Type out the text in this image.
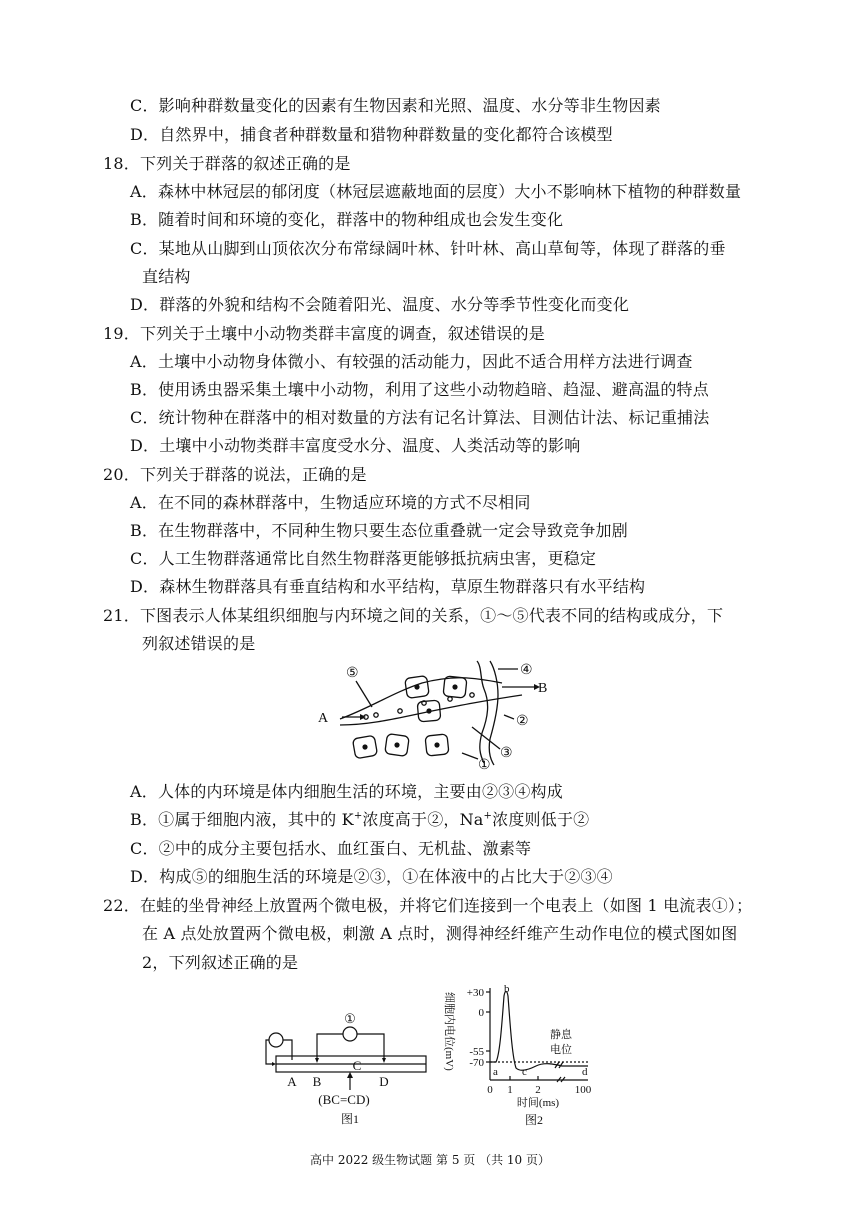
C．影响种群数量变化的因素有生物因素和光照、温度、水分等非生物因素
D．自然界中，捕食者种群数量和猎物种群数量的变化都符合该模型
18．下列关于群落的叙述正确的是
A．森林中林冠层的郁闭度（林冠层遮蔽地面的层度）大小不影响林下植物的种群数量
B．随着时间和环境的变化，群落中的物种组成也会发生变化
C．某地从山脚到山顶依次分布常绿阔叶林、针叶林、高山草甸等，体现了群落的垂
直结构
D．群落的外貌和结构不会随着阳光、温度、水分等季节性变化而变化
19．下列关于土壤中小动物类群丰富度的调查，叙述错误的是
A．土壤中小动物身体微小、有较强的活动能力，因此不适合用样方法进行调查
B．使用诱虫器采集土壤中小动物，利用了这些小动物趋暗、趋湿、避高温的特点
C．统计物种在群落中的相对数量的方法有记名计算法、目测估计法、标记重捕法
D．土壤中小动物类群丰富度受水分、温度、人类活动等的影响
20．下列关于群落的说法，正确的是
A．在不同的森林群落中，生物适应环境的方式不尽相同
B．在生物群落中，不同种生物只要生态位重叠就一定会导致竞争加剧
C．人工生物群落通常比自然生物群落更能够抵抗病虫害，更稳定
D．森林生物群落具有垂直结构和水平结构，草原生物群落只有水平结构
21．下图表示人体某组织细胞与内环境之间的关系，①～⑤代表不同的结构或成分，下
列叙述错误的是
A．人体的内环境是体内细胞生活的环境，主要由②③④构成
C．②中的成分主要包括水、血红蛋白、无机盐、激素等
D．构成⑤的细胞生活的环境是②③，①在体液中的占比大于②③④
22．在蛙的坐骨神经上放置两个微电极，并将它们连接到一个电表上（如图 1 电流表①）；
在 A 点处放置两个微电极，刺激 A 点时，测得神经纤维产生动作电位的模式图如图
2，下列叙述正确的是
B．①属于细胞内液，其中的 K+浓度高于②，Na+浓度则低于②
⑤	④
②
③
①
A
B
①
A B
C
D
(BC=CD)
图1
细胞内电位(mV) +30
0
-55
-70
0 1 2	100
时间(ms)
a
b
c	d
静息
电位
图2
高中 2022 级生物试题 第 5 页 （共 10 页）
